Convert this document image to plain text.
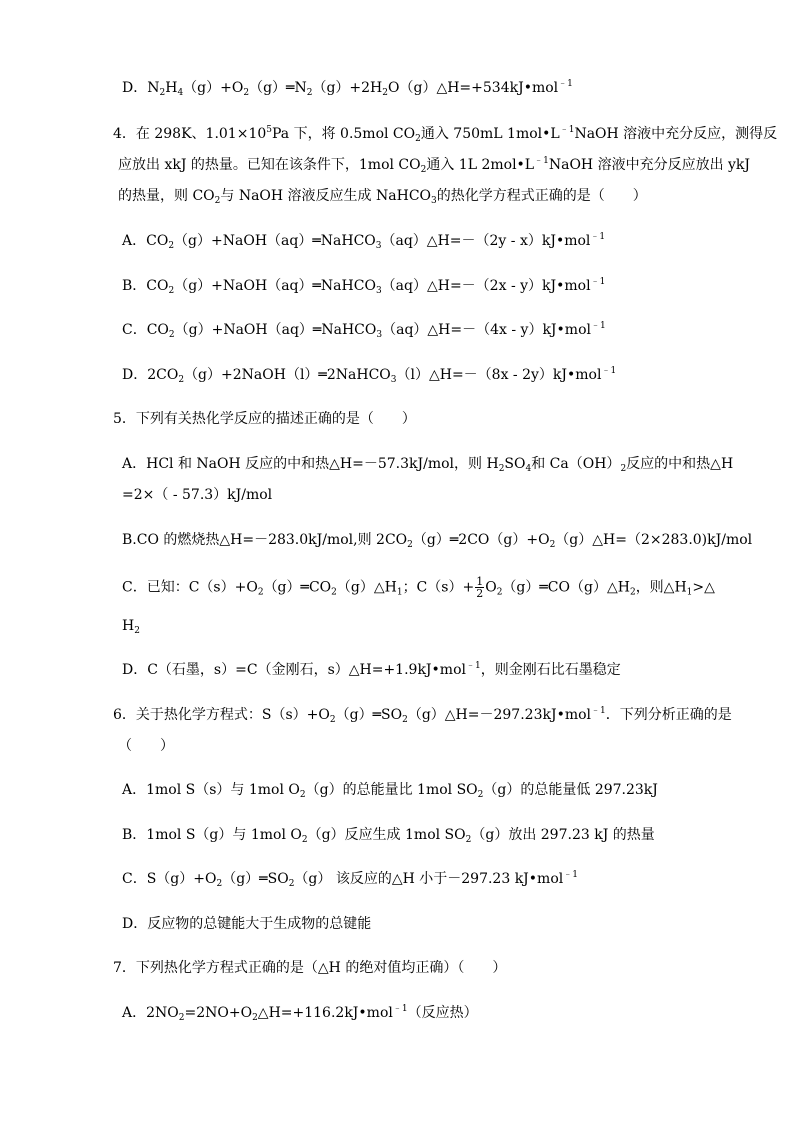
D．$N_2H_4(g)+O_2(g)═N_2(g)+2H_2O(g)\triangle H=+534kJ•mol^{﹣1}$
4．在 298K、$1.01\times 10^5Pa$ 下，将 0.5mol $CO_2$通入 750mL $1mol•L^{﹣1}NaOH$ 溶液中充分反应，测得反
应放出 xkJ 的热量。已知在该条件下，1mol $CO_2$通入 1L $2mol•L^{﹣1}NaOH$ 溶液中充分反应放出 ykJ
的热量，则 $CO_2$与 NaOH 溶液反应生成 NaHCO$_3$的热化学方程式正确的是（　　）
A．$CO_2(g)+NaOH(aq)═NaHCO_3(aq)\triangle H=-(2y$ - x）kJ•mol$^{﹣1}$
B．$CO_2(g)+NaOH(aq)═NaHCO_3(aq)\triangle H=-(2x$ - y）kJ•mol$^{﹣1}$
C．$CO_2(g)+NaOH(aq)═NaHCO_3(aq)\triangle H=-(4x$ - y）kJ•mol$^{﹣1}$
D．$2CO_2(g)+2NaOH(l)═2NaHCO_3(l)\triangle H=-(8x$ - 2y）kJ•mol$^{﹣1}$
5．下列有关热化学反应的描述正确的是（　　）
A．HCl 和 NaOH 反应的中和热△H=－57.3kJ/mol，则 $H_2SO_4$和 $Ca(OH)_2$反应的中和热△H
=2×（ - 57.3）kJ/mol
B.CO 的燃烧热△H=－283.0kJ/mol,则 $2CO_2(g)═2CO(g)+O_2(g)\triangle H=(2\times 283.0)kJ$/mol
C．已知：$C(s)+O_2(g)═CO_2(g)\triangle H_1$；$C(s)+ \frac{1}{2}$ $O_2(g)═CO(g)\triangle H_2$，则$\triangle H_1>\triangle$
$H_2$
D．C（石墨，s）=C（金刚石，s）△H=+1.9kJ•mol$^{﹣1}$，则金刚石比石墨稳定
6．关于热化学方程式：$S(s)+O_2(g)═SO_2(g)\triangle H=-297.23kJ•mol^{﹣1}$．下列分析正确的是
（　　）
A．1mol S（s）与 1mol $O_2(g)$的总能量比 1mol $SO_2(g)$的总能量低 297.23kJ
B．1mol S（g）与 1mol $O_2(g)$反应生成 1mol $SO_2(g)$放出 297.23 kJ 的热量
C．$S(g)+O_2(g)═SO_2(g)$ 该反应的△H 小于－297.23 kJ•mol$^{﹣1}$
D．反应物的总键能大于生成物的总键能
7．下列热化学方程式正确的是（△H 的绝对值均正确）（　　）
A．$2NO_2=2NO+O_2\triangle H=+116.2kJ•mol^{﹣1}$（反应热）
